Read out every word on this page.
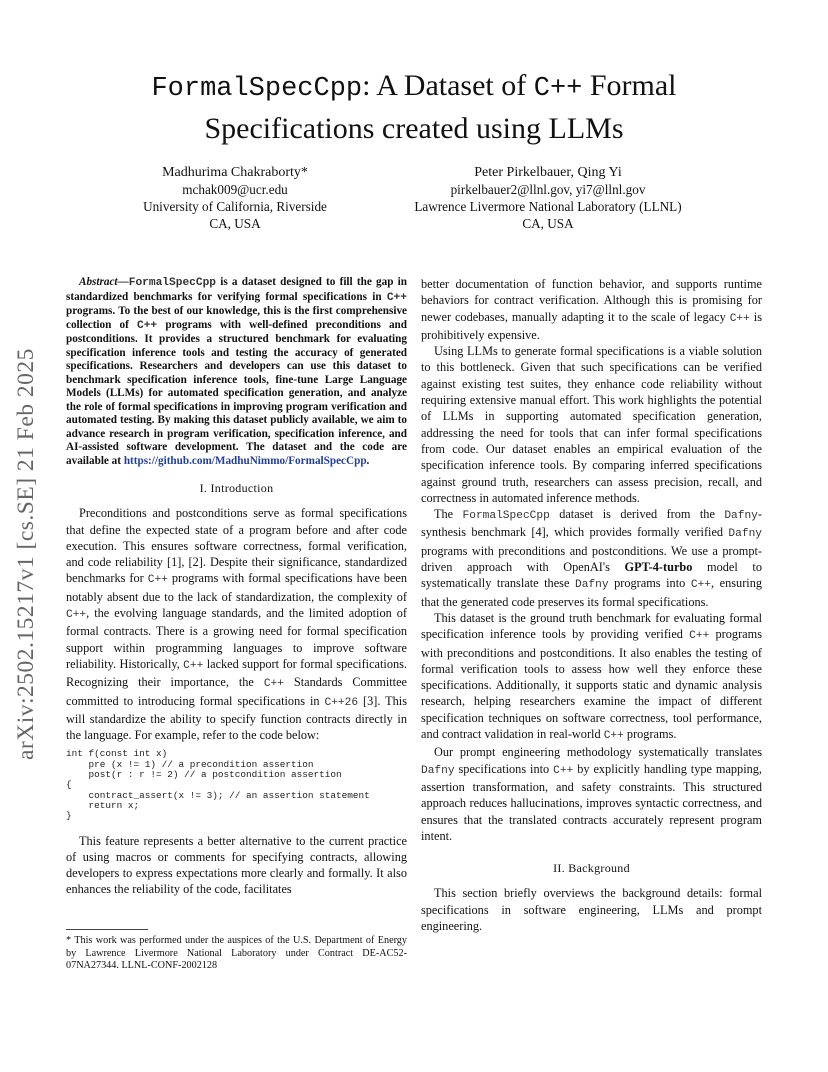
arXiv:2502.15217v1 [cs.SE] 21 Feb 2025
FormalSpecCpp: A Dataset of C++ Formal
Specifications created using LLMs
Madhurima Chakraborty*
mchak009@ucr.edu
University of California, Riverside
CA, USA
Peter Pirkelbauer, Qing Yi
pirkelbauer2@llnl.gov, yi7@llnl.gov
Lawrence Livermore National Laboratory (LLNL)
CA, USA
Abstract—FormalSpecCpp is a dataset designed to fill the gap in standardized benchmarks for verifying formal specifications in C++ programs. To the best of our knowledge, this is the first comprehensive collection of C++ programs with well-defined preconditions and postconditions. It provides a structured benchmark for evaluating specification inference tools and testing the accuracy of generated specifications. Researchers and developers can use this dataset to benchmark specification inference tools, fine-tune Large Language Models (LLMs) for automated specification generation, and analyze the role of formal specifications in improving program verification and automated testing. By making this dataset publicly available, we aim to advance research in program verification, specification inference, and AI-assisted software development. The dataset and the code are available at https://github.com/MadhuNimmo/FormalSpecCpp.
I. Introduction

Preconditions and postconditions serve as formal specifications that define the expected state of a program before and after code execution. This ensures software correctness, formal verification, and code reliability [1], [2]. Despite their significance, standardized benchmarks for C++ programs with formal specifications have been notably absent due to the lack of standardization, the complexity of C++, the evolving language standards, and the limited adoption of formal contracts. There is a growing need for formal specification support within programming languages to improve software reliability. Historically, C++ lacked support for formal specifications. Recognizing their importance, the C++ Standards Committee committed to introducing formal specifications in C++26 [3]. This will standardize the ability to specify function contracts directly in the language. For example, refer to the code below:

int f(const int x)
pre (x != 1) // a precondition assertion
post(r : r != 2) // a postcondition assertion
{
contract_assert(x != 3); // an assertion statement
return x;
}

This feature represents a better alternative to the current practice of using macros or comments for specifying contracts, allowing developers to express expectations more clearly and formally. It also enhances the reliability of the code, facilitates

* This work was performed under the auspices of the U.S. Department of Energy by Lawrence Livermore National Laboratory under Contract DE-AC52-07NA27344. LLNL-CONF-2002128

better documentation of function behavior, and supports runtime behaviors for contract verification. Although this is promising for newer codebases, manually adapting it to the scale of legacy C++ is prohibitively expensive.

Using LLMs to generate formal specifications is a viable solution to this bottleneck. Given that such specifications can be verified against existing test suites, they enhance code reliability without requiring extensive manual effort. This work highlights the potential of LLMs in supporting automated specification generation, addressing the need for tools that can infer formal specifications from code. Our dataset enables an empirical evaluation of the specification inference tools. By comparing inferred specifications against ground truth, researchers can assess precision, recall, and correctness in automated inference methods.

The FormalSpecCpp dataset is derived from the Dafny-synthesis benchmark [4], which provides formally verified Dafny programs with preconditions and postconditions. We use a prompt-driven approach with OpenAI's GPT-4-turbo model to systematically translate these Dafny programs into C++, ensuring that the generated code preserves its formal specifications.

This dataset is the ground truth benchmark for evaluating formal specification inference tools by providing verified C++ programs with preconditions and postconditions. It also enables the testing of formal verification tools to assess how well they enforce these specifications. Additionally, it supports static and dynamic analysis research, helping researchers examine the impact of different specification techniques on software correctness, tool performance, and contract validation in real-world C++ programs.

Our prompt engineering methodology systematically translates Dafny specifications into C++ by explicitly handling type mapping, assertion transformation, and safety constraints. This structured approach reduces hallucinations, improves syntactic correctness, and ensures that the translated contracts accurately represent program intent.

II. Background

This section briefly overviews the background details: formal specifications in software engineering, LLMs and prompt engineering.
